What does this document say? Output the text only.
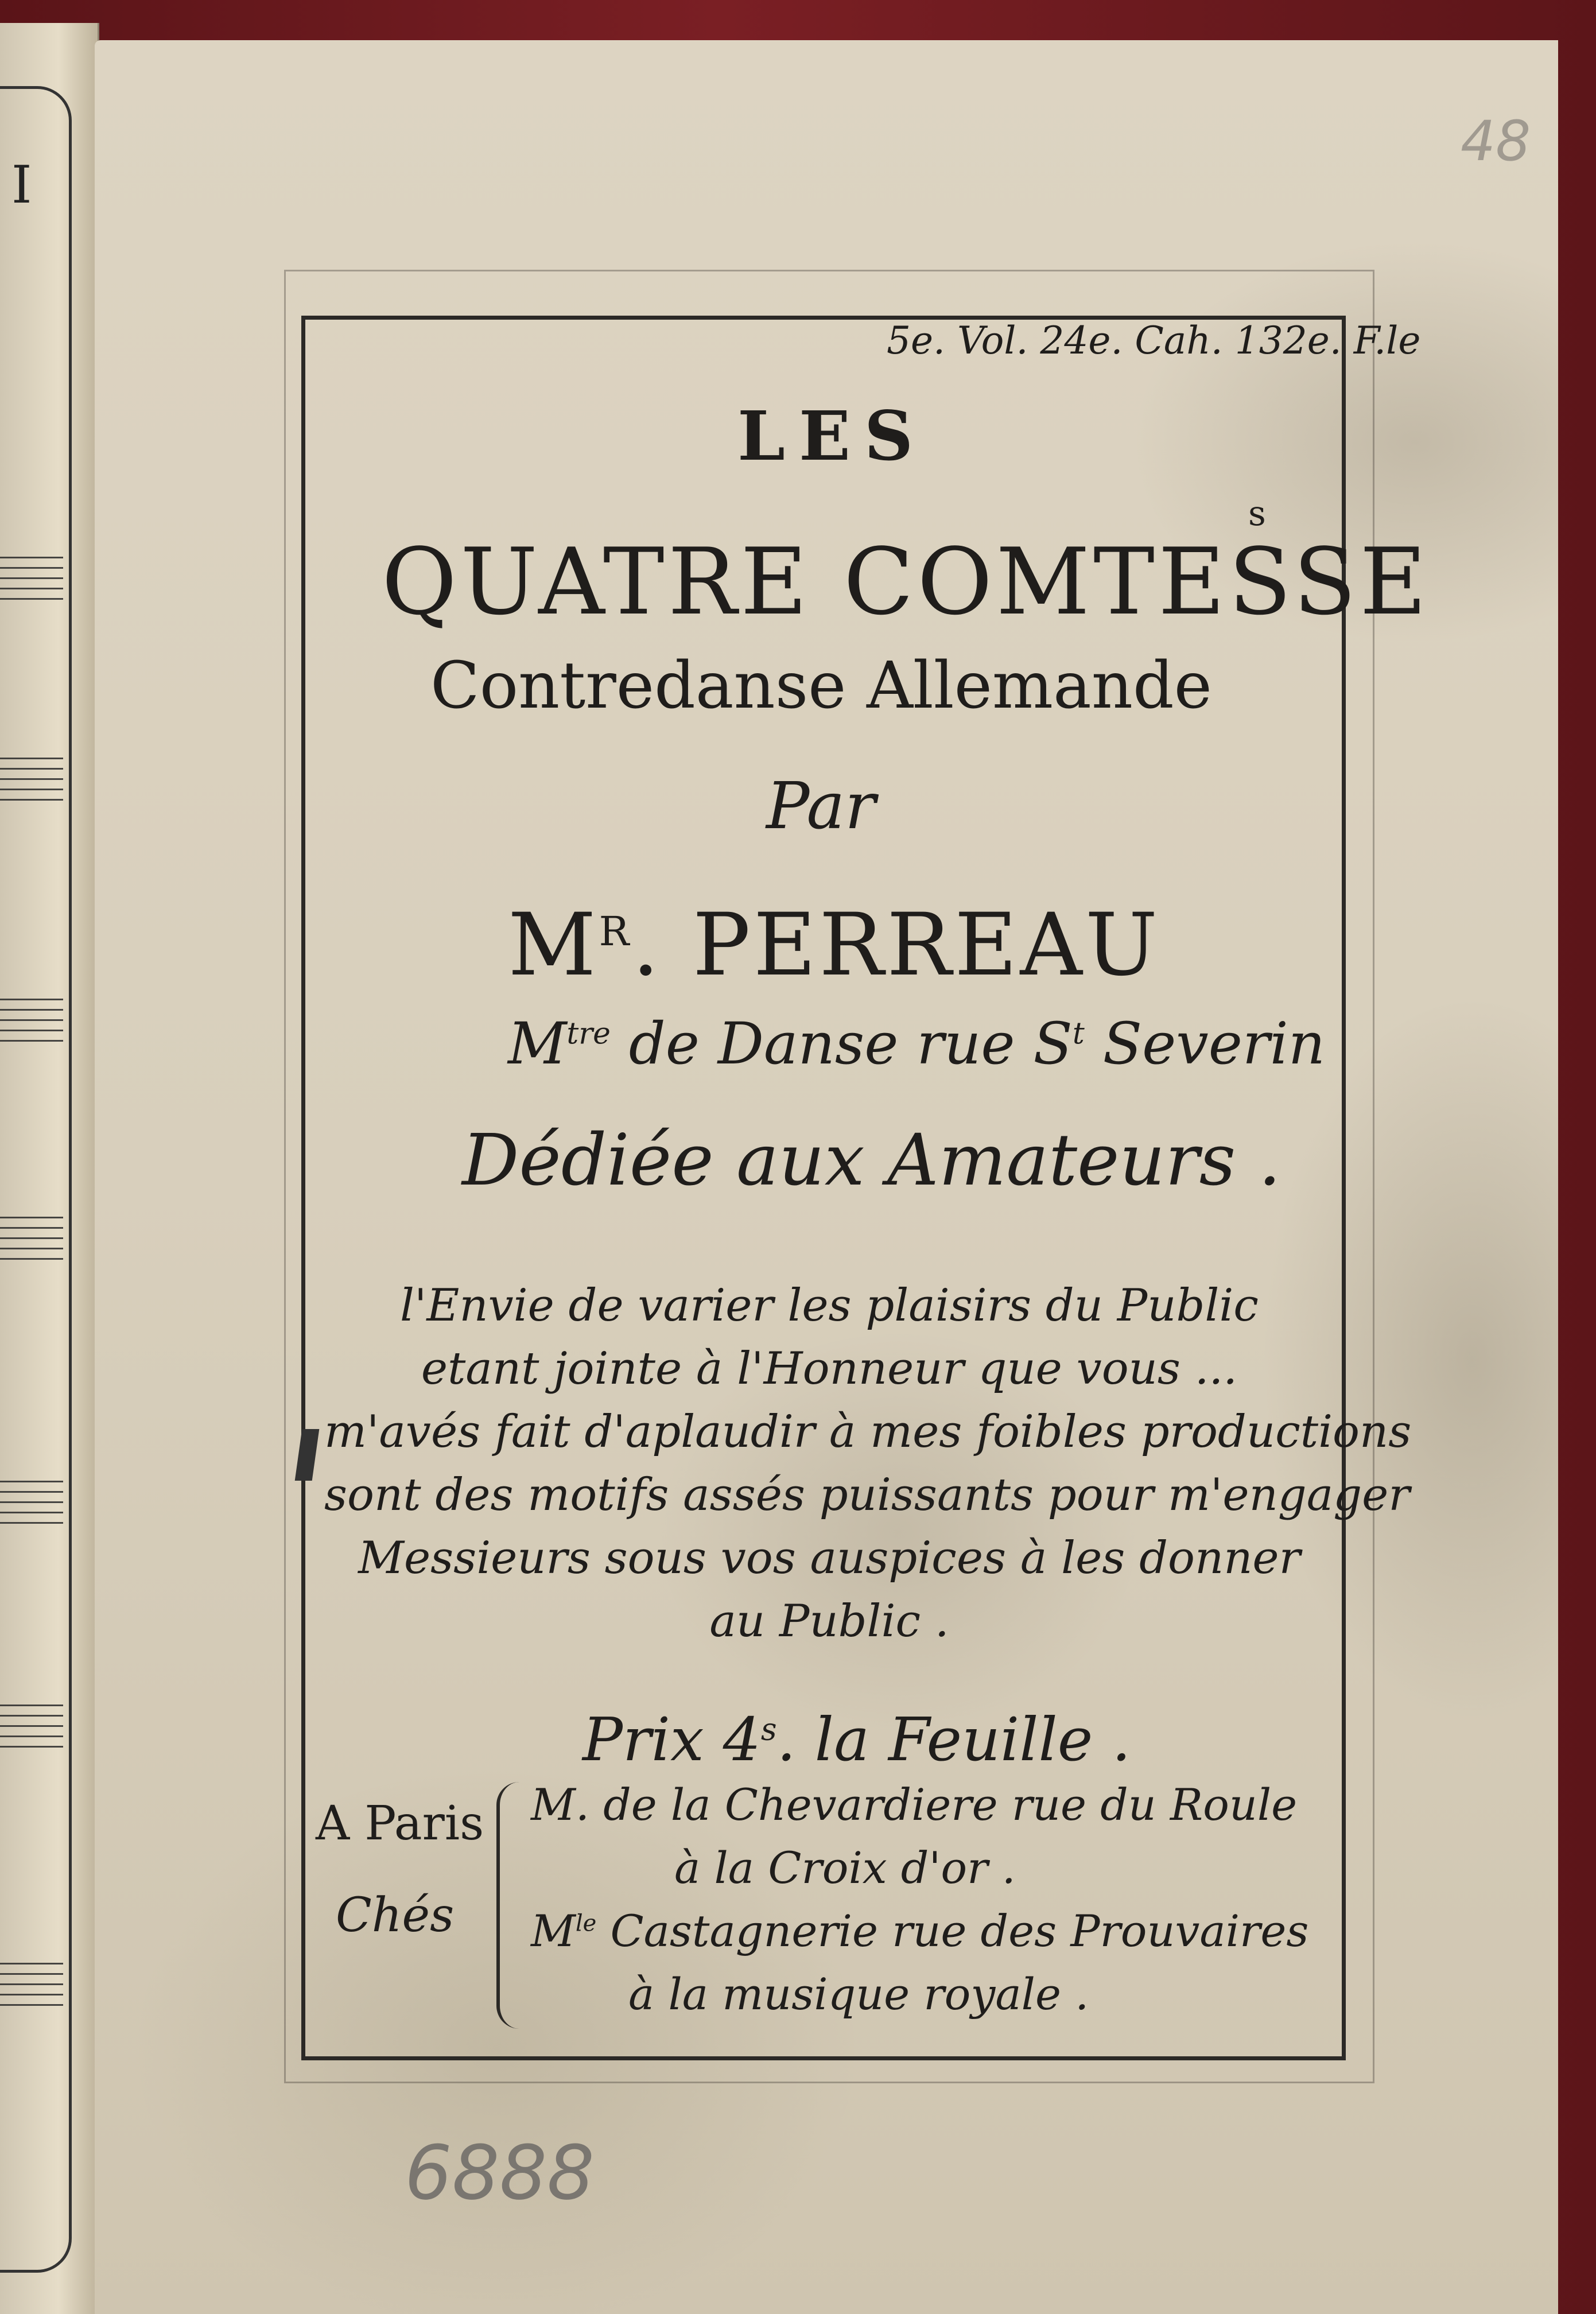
I
48
5e. Vol. 24e. Cah. 132e. F.le
LES
s
QUATRE COMTESSE
Contredanse Allemande
Par
$M^R$. PERREAU
$M^{tre}$ de Danse rue $S^t$ Severin
Dédiée aux Amateurs .
l'Envie de varier les plaisirs du Public
etant jointe à l'Honneur que vous ...
m'avés fait d'aplaudir à mes foibles productions
sont des motifs assés puissants pour m'engager
Messieurs sous vos auspices à les donner
au Public .
Prix 4$^s$. la Feuille .
A Paris
Chés
M. de la Chevardiere rue du Roule
à la Croix d'or .
$M^{le}$ Castagnerie rue des Prouvaires
à la musique royale .
6888
